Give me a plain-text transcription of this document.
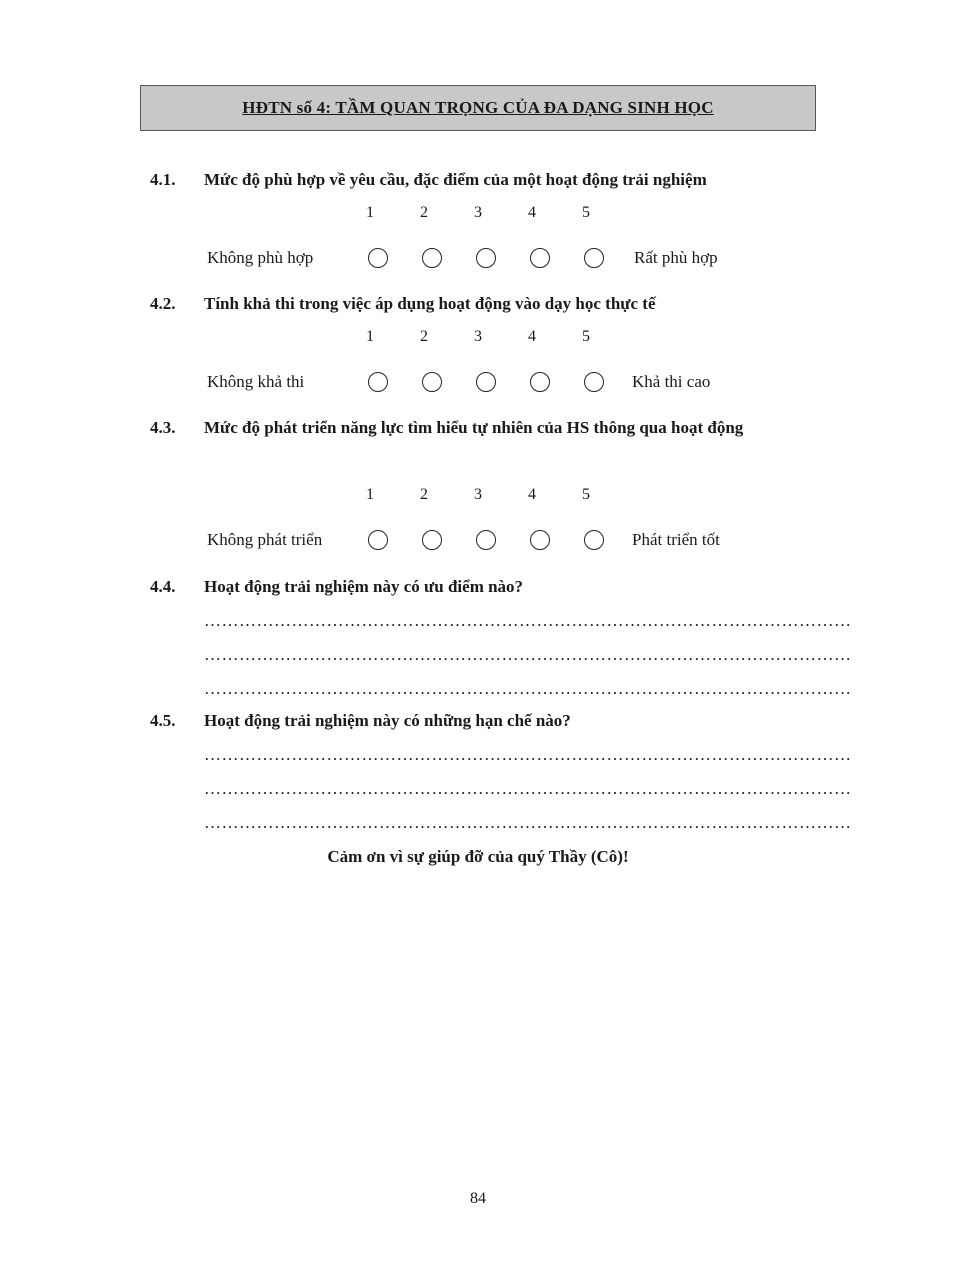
HĐTN số 4: TẦM QUAN TRỌNG CỦA ĐA DẠNG SINH HỌC
4.1. Mức độ phù hợp về yêu cầu, đặc điểm của một hoạt động trải nghiệm
1	2	3	4	5
Không phù hợp	Rất phù hợp
4.2. Tính khả thi trong việc áp dụng hoạt động vào dạy học thực tế
1	2	3	4	5
Không khả thi	Khả thi cao
4.3. Mức độ phát triển năng lực tìm hiểu tự nhiên của HS thông qua hoạt động
1	2	3	4	5
Không phát triển	Phát triển tốt
4.4. Hoạt động trải nghiệm này có ưu điểm nào?
…………………………………………………………………………………………………
…………………………………………………………………………………………………
…………………………………………………………………………………………………
4.5. Hoạt động trải nghiệm này có những hạn chế nào?
…………………………………………………………………………………………………
…………………………………………………………………………………………………
…………………………………………………………………………………………………
Cảm ơn vì sự giúp đỡ của quý Thầy (Cô)!
84
